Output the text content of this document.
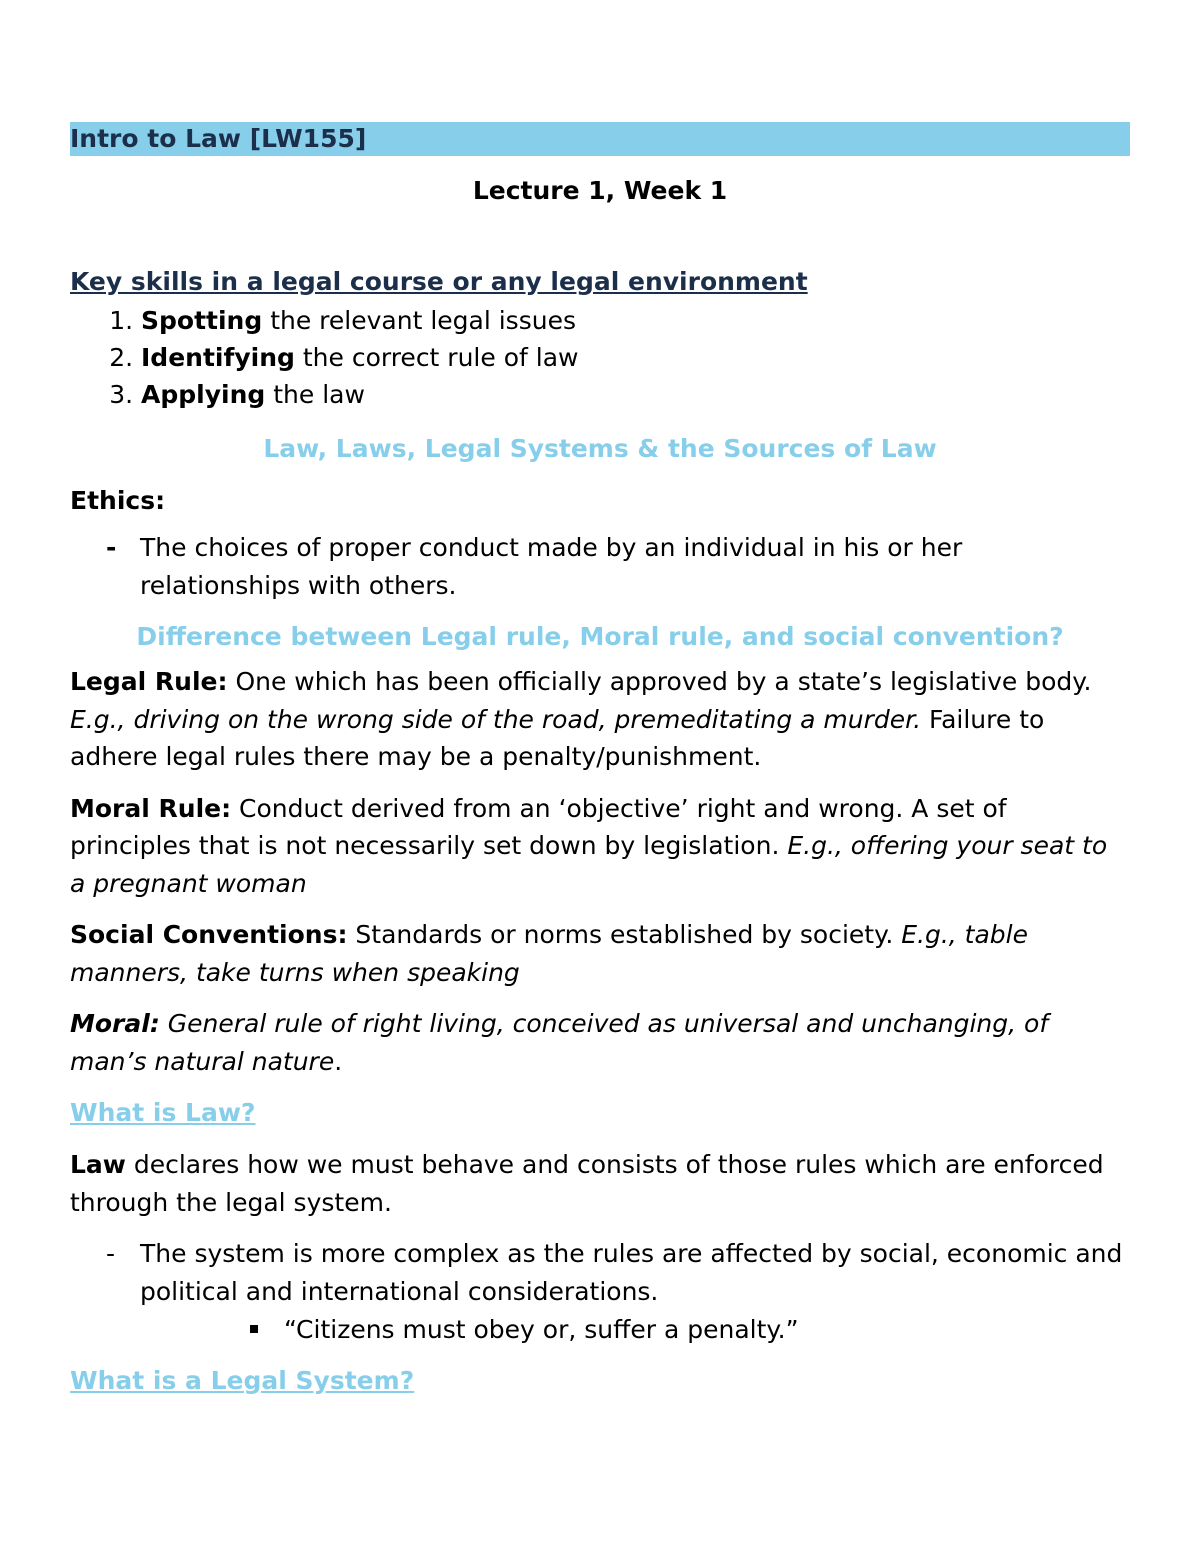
Intro to Law [LW155]
Lecture 1, Week 1
Key skills in a legal course or any legal environment
1. Spotting the relevant legal issues
2. Identifying the correct rule of law
3. Applying the law
Law, Laws, Legal Systems & the Sources of Law
Ethics:
- The choices of proper conduct made by an individual in his or her relationships with others.
Difference between Legal rule, Moral rule, and social convention?
Legal Rule: One which has been officially approved by a state’s legislative body. E.g., driving on the wrong side of the road, premeditating a murder. Failure to adhere legal rules there may be a penalty/punishment.
Moral Rule: Conduct derived from an ‘objective’ right and wrong. A set of principles that is not necessarily set down by legislation. E.g., offering your seat to a pregnant woman
Social Conventions: Standards or norms established by society. E.g., table manners, take turns when speaking
Moral: General rule of right living, conceived as universal and unchanging, of man’s natural nature.
What is Law?
Law declares how we must behave and consists of those rules which are enforced through the legal system.
- The system is more complex as the rules are affected by social, economic and political and international considerations.
“Citizens must obey or, suffer a penalty.”
What is a Legal System?
